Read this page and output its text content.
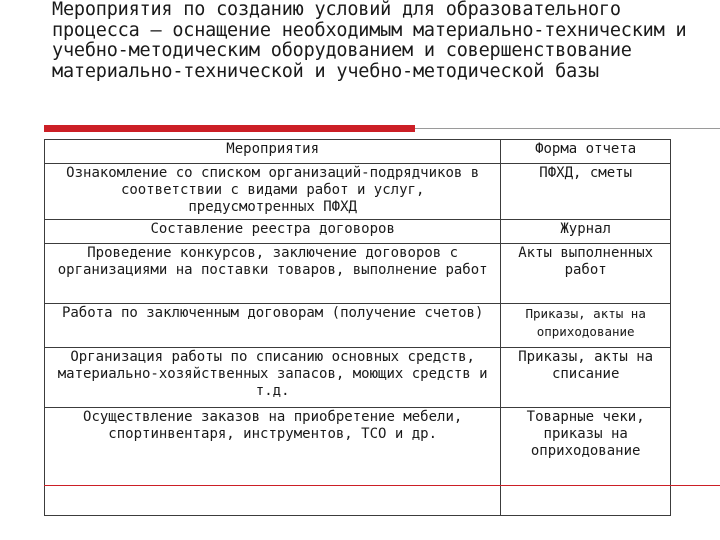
Мероприятия по созданию условий для образовательного процесса – оснащение необходимым материально-техническим и учебно-методическим оборудованием и совершенствование материально-технической и учебно-методической базы
Мероприятия	Форма отчета
Ознакомление со списком организаций-подрядчиков в соответствии с видами работ и услуг, предусмотренных ПФХД	ПФХД, сметы
Составление реестра договоров	Журнал
Проведение конкурсов, заключение договоров с организациями на поставки товаров, выполнение работ	Акты выполненных работ
Работа по заключенным договорам (получение счетов)	Приказы, акты на оприходование
Организация работы по списанию основных средств, материально-хозяйственных запасов, моющих средств и т.д.	Приказы, акты на списание
Осуществление заказов на приобретение мебели, спортинвентаря, инструментов, ТСО и др.	Товарные чеки, приказы на оприходование
